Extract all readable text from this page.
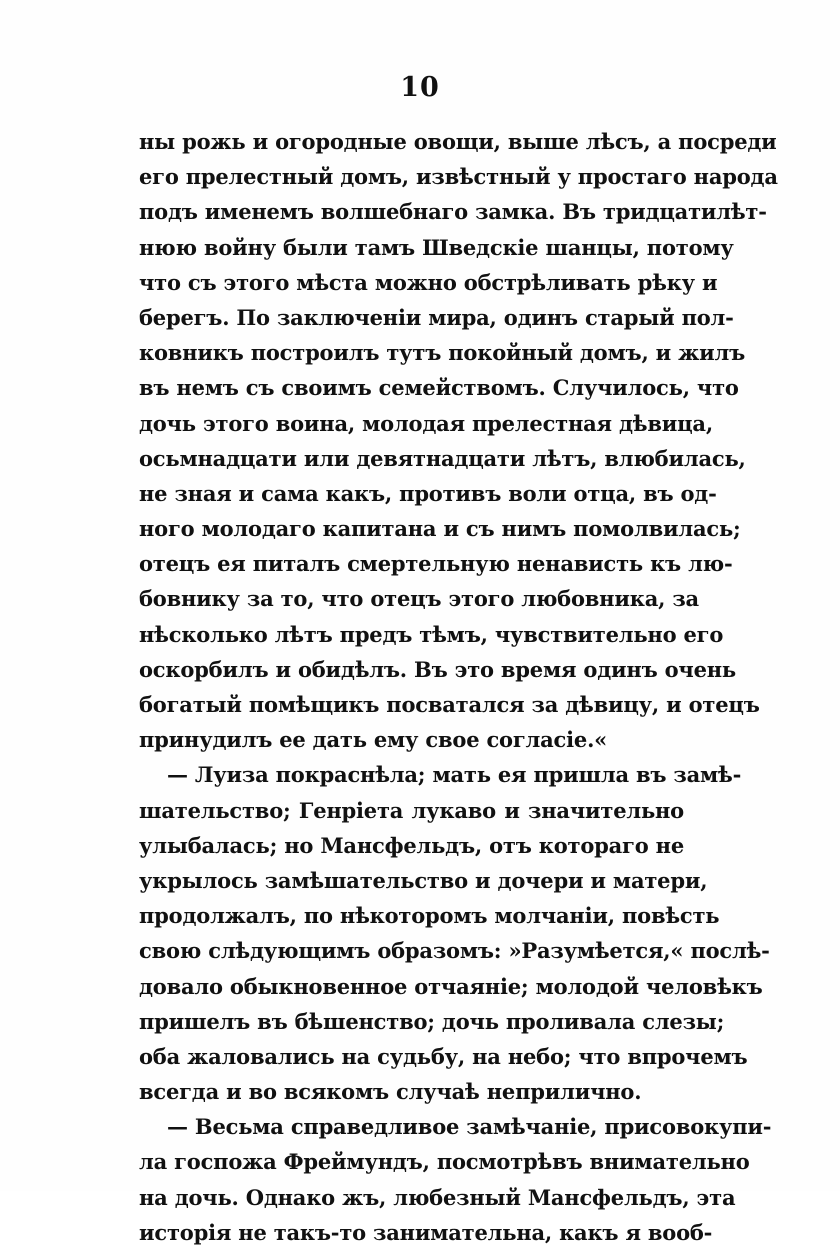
10
ны рожь и огородные овощи, выше лѣсъ, а посреди
его прелестный домъ, извѣстный у простаго народа
подъ именемъ волшебнаго замка. Въ тридцатилѣт-
нюю войну были тамъ Шведскіе шанцы, потому
что съ этого мѣста можно обстрѣливать рѣку и
берегъ. По заключеніи мира, одинъ старый пол-
ковникъ построилъ тутъ покойный домъ, и жилъ
въ немъ съ своимъ семействомъ. Случилось, что
дочь этого воина, молодая прелестная дѣвица,
осьмнадцати или девятнадцати лѣтъ, влюбилась,
не зная и сама какъ, противъ воли отца, въ од-
ного молодаго капитана и съ нимъ помолвилась;
отецъ ея питалъ смертельную ненависть къ лю-
бовнику за то, что отецъ этого любовника, за
нѣсколько лѣтъ предъ тѣмъ, чувствительно его
оскорбилъ и обидѣлъ. Въ это время одинъ очень
богатый помѣщикъ посватался за дѣвицу, и отецъ
принудилъ ее дать ему свое согласіе.«
— Луиза покраснѣла; мать ея пришла въ замѣ-
шательство; Генріета лукаво и значительно
улыбалась; но Мансфельдъ, отъ котораго не
укрылось замѣшательство и дочери и матери,
продолжалъ, по нѣкоторомъ молчаніи, повѣсть
свою слѣдующимъ образомъ: »Разумѣется,« послѣ-
довало обыкновенное отчаяніе; молодой человѣкъ
пришелъ въ бѣшенство; дочь проливала слезы;
оба жаловались на судьбу, на небо; что впрочемъ
всегда и во всякомъ случаѣ неприлично.
— Весьма справедливое замѣчаніе, присовокупи-
ла госпожа Фреймундъ, посмотрѣвъ внимательно
на дочь. Однако жъ, любезный Мансфельдъ, эта
исторія не такъ-то занимательна, какъ я вооб-
